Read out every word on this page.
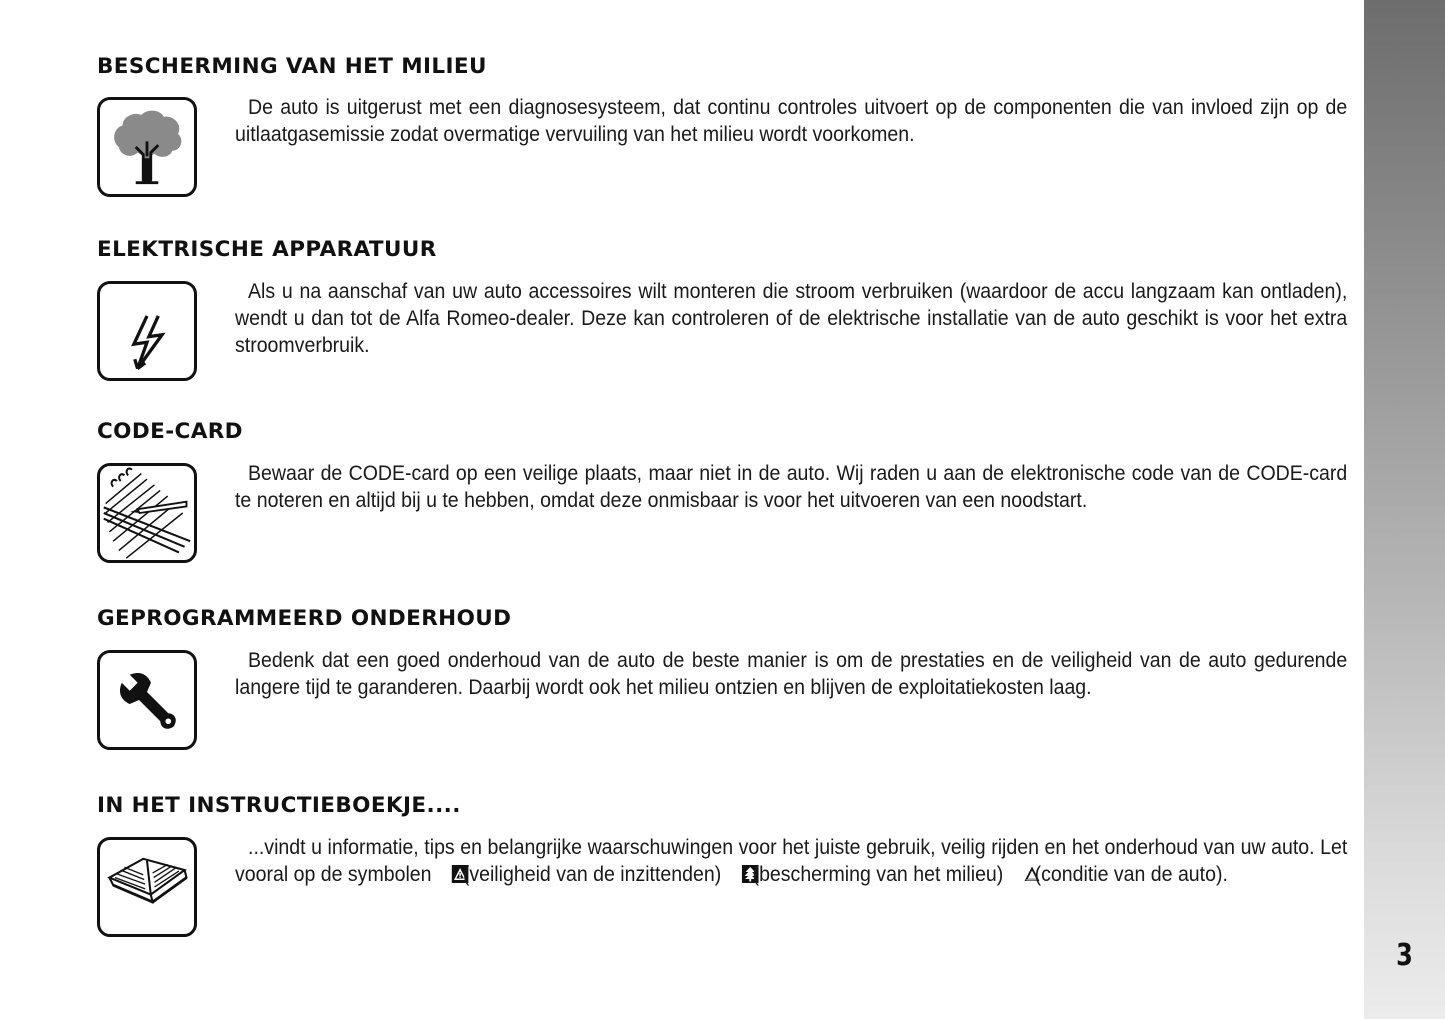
3
BESCHERMING VAN HET MILIEU

De auto is uitgerust met een diagnosesysteem, dat continu controles uitvoert op de componenten die van invloed zijn op de uitlaatgasemissie zodat overmatige vervuiling van het milieu wordt voorkomen.

ELEKTRISCHE APPARATUUR

Als u na aanschaf van uw auto accessoires wilt monteren die stroom verbruiken (waardoor de accu langzaam kan ontladen), wendt u dan tot de Alfa Romeo-dealer. Deze kan controleren of de elektrische installatie van de auto geschikt is voor het extra stroomverbruik.

CODE-CARD

Bewaar de CODE-card op een veilige plaats, maar niet in de auto. Wij raden u aan de elektronische code van de CODE-card te noteren en altijd bij u te hebben, omdat deze onmisbaar is voor het uitvoeren van een noodstart.

GEPROGRAMMEERD ONDERHOUD

Bedenk dat een goed onderhoud van de auto de beste manier is om de prestaties en de veiligheid van de auto gedurende langere tijd te garanderen. Daarbij wordt ook het milieu ontzien en blijven de exploitatiekosten laag.

IN HET INSTRUCTIEBOEKJE....

...vindt u informatie, tips en belangrijke waarschuwingen voor het juiste gebruik, veilig rijden en het onderhoud van uw auto. Let vooral op de symbolen (veiligheid van de inzittenden) (bescherming van het milieu) (conditie van de auto).
